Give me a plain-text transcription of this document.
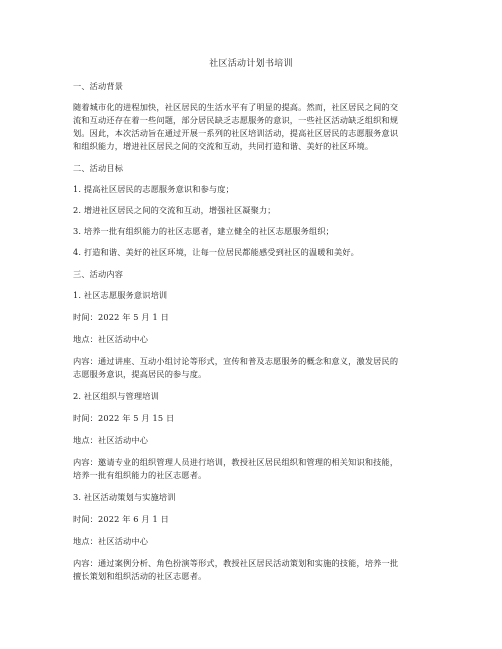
社区活动计划书培训
一、活动背景
随着城市化的进程加快，社区居民的生活水平有了明显的提高。然而，社区居民之间的交
流和互动还存在着一些问题，部分居民缺乏志愿服务的意识，一些社区活动缺乏组织和规
划。因此，本次活动旨在通过开展一系列的社区培训活动，提高社区居民的志愿服务意识
和组织能力，增进社区居民之间的交流和互动，共同打造和谐、美好的社区环境。
二、活动目标
1. 提高社区居民的志愿服务意识和参与度；
2. 增进社区居民之间的交流和互动，增强社区凝聚力；
3. 培养一批有组织能力的社区志愿者，建立健全的社区志愿服务组织；
4. 打造和谐、美好的社区环境，让每一位居民都能感受到社区的温暖和美好。
三、活动内容
1. 社区志愿服务意识培训
时间：2022 年 5 月 1 日
地点：社区活动中心
内容：通过讲座、互动小组讨论等形式，宣传和普及志愿服务的概念和意义，激发居民的
志愿服务意识，提高居民的参与度。
2. 社区组织与管理培训
时间：2022 年 5 月 15 日
地点：社区活动中心
内容：邀请专业的组织管理人员进行培训，教授社区居民组织和管理的相关知识和技能，
培养一批有组织能力的社区志愿者。
3. 社区活动策划与实施培训
时间：2022 年 6 月 1 日
地点：社区活动中心
内容：通过案例分析、角色扮演等形式，教授社区居民活动策划和实施的技能，培养一批
擅长策划和组织活动的社区志愿者。
